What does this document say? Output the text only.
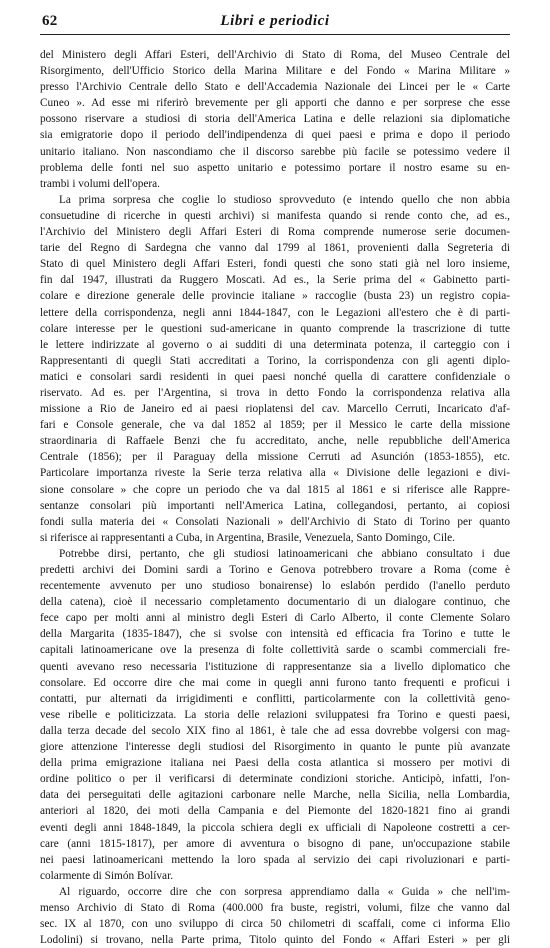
62	Libri e periodici
del Ministero degli Affari Esteri, dell'Archivio di Stato di Roma, del Museo Centrale del
Risorgimento, dell'Ufficio Storico della Marina Militare e del Fondo « Marina Militare »
presso l'Archivio Centrale dello Stato e dell'Accademia Nazionale dei Lincei per le « Carte
Cuneo ». Ad esse mi riferirò brevemente per gli apporti che danno e per sorprese che esse
possono riservare a studiosi di storia dell'America Latina e delle relazioni sia diplomatiche
sia emigratorie dopo il periodo dell'indipendenza di quei paesi e prima e dopo il periodo
unitario italiano. Non nascondiamo che il discorso sarebbe più facile se potessimo vedere il
problema delle fonti nel suo aspetto unitario e potessimo portare il nostro esame su en-
trambi i volumi dell'opera.
La prima sorpresa che coglie lo studioso sprovveduto (e intendo quello che non abbia
consuetudine di ricerche in questi archivi) si manifesta quando si rende conto che, ad es.,
l'Archivio del Ministero degli Affari Esteri di Roma comprende numerose serie documen-
tarie del Regno di Sardegna che vanno dal 1799 al 1861, provenienti dalla Segreteria di
Stato di quel Ministero degli Affari Esteri, fondi questi che sono stati già nel loro insieme,
fin dal 1947, illustrati da Ruggero Moscati. Ad es., la Serie prima del « Gabinetto parti-
colare e direzione generale delle provincie italiane » raccoglie (busta 23) un registro copia-
lettere della corrispondenza, negli anni 1844-1847, con le Legazioni all'estero che è di parti-
colare interesse per le questioni sud-americane in quanto comprende la trascrizione di tutte
le lettere indirizzate al governo o ai sudditi di una determinata potenza, il carteggio con i
Rappresentanti di quegli Stati accreditati a Torino, la corrispondenza con gli agenti diplo-
matici e consolari sardi residenti in quei paesi nonché quella di carattere confidenziale o
riservato. Ad es. per l'Argentina, si trova in detto Fondo la corrispondenza relativa alla
missione a Rio de Janeiro ed ai paesi rioplatensi del cav. Marcello Cerruti, Incaricato d'af-
fari e Console generale, che va dal 1852 al 1859; per il Messico le carte della missione
straordinaria di Raffaele Benzi che fu accreditato, anche, nelle repubbliche dell'America
Centrale (1856); per il Paraguay della missione Cerruti ad Asunción (1853-1855), etc.
Particolare importanza riveste la Serie terza relativa alla « Divisione delle legazioni e divi-
sione consolare » che copre un periodo che va dal 1815 al 1861 e si riferisce alle Rappre-
sentanze consolari più importanti nell'America Latina, collegandosi, pertanto, ai copiosi
fondi sulla materia dei « Consolati Nazionali » dell'Archivio di Stato di Torino per quanto
si riferisce ai rappresentanti a Cuba, in Argentina, Brasile, Venezuela, Santo Domingo, Cile.
Potrebbe dirsi, pertanto, che gli studiosi latinoamericani che abbiano consultato i due
predetti archivi dei Domini sardi a Torino e Genova potrebbero trovare a Roma (come è
recentemente avvenuto per uno studioso bonairense) lo eslabón perdido (l'anello perduto
della catena), cioè il necessario completamento documentario di un dialogare continuo, che
fece capo per molti anni al ministro degli Esteri di Carlo Alberto, il conte Clemente Solaro
della Margarita (1835-1847), che si svolse con intensità ed efficacia fra Torino e tutte le
capitali latinoamericane ove la presenza di folte collettività sarde o scambi commerciali fre-
quenti avevano reso necessaria l'istituzione di rappresentanze sia a livello diplomatico che
consolare. Ed occorre dire che mai come in quegli anni furono tanto frequenti e proficui i
contatti, pur alternati da irrigidimenti e conflitti, particolarmente con la collettività geno-
vese ribelle e politicizzata. La storia delle relazioni sviluppatesi fra Torino e questi paesi,
dalla terza decade del secolo XIX fino al 1861, è tale che ad essa dovrebbe volgersi con mag-
giore attenzione l'interesse degli studiosi del Risorgimento in quanto le punte più avanzate
della prima emigrazione italiana nei Paesi della costa atlantica si mossero per motivi di
ordine politico o per il verificarsi di determinate condizioni storiche. Anticipò, infatti, l'on-
data dei perseguitati delle agitazioni carbonare nelle Marche, nella Sicilia, nella Lombardia,
anteriori al 1820, dei moti della Campania e del Piemonte del 1820-1821 fino ai grandi
eventi degli anni 1848-1849, la piccola schiera degli ex ufficiali di Napoleone costretti a cer-
care (anni 1815-1817), per amore di avventura o bisogno di pane, un'occupazione stabile
nei paesi latinoamericani mettendo la loro spada al servizio dei capi rivoluzionari e parti-
colarmente di Simón Bolívar.
Al riguardo, occorre dire che con sorpresa apprendiamo dalla « Guida » che nell'im-
menso Archivio di Stato di Roma (400.000 fra buste, registri, volumi, filze che vanno dal
sec. IX al 1870, con uno sviluppo di circa 50 chilometri di scaffali, come ci informa Elio
Lodolini) si trovano, nella Parte prima, Titolo quinto del Fondo « Affari Esteri » per gli
